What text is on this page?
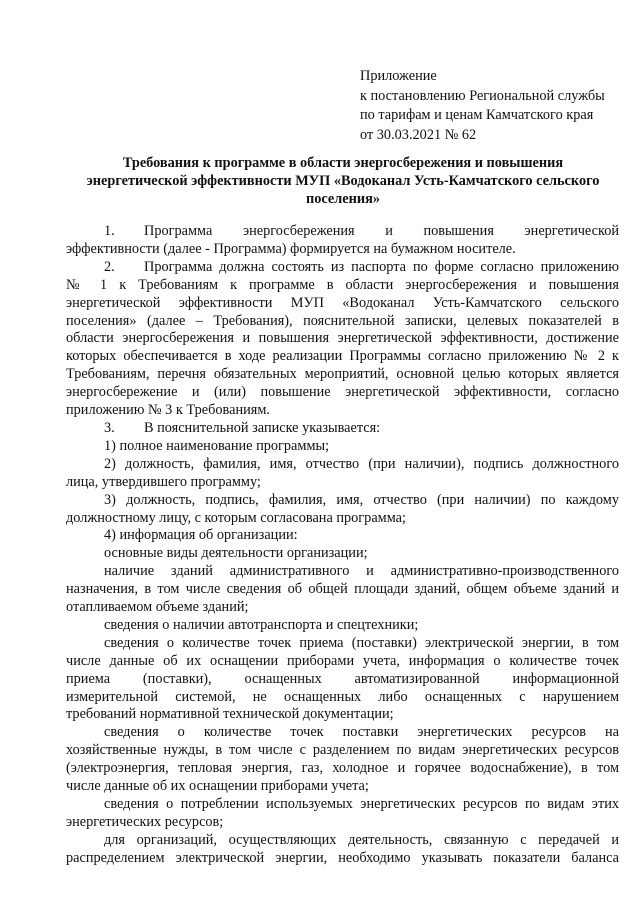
Приложение
к постановлению Региональной службы
по тарифам и ценам Камчатского края
от 30.03.2021 № 62
Требования к программе в области энергосбережения и повышения
энергетической эффективности МУП «Водоканал Усть-Камчатского сельского
поселения»
1.	Программа энергосбережения и повышения энергетической
эффективности (далее - Программа) формируется на бумажном носителе.
2.	Программа должна состоять из паспорта по форме согласно приложению
№ 1 к Требованиям к программе в области энергосбережения и повышения
энергетической эффективности МУП «Водоканал Усть-Камчатского сельского
поселения» (далее – Требования), пояснительной записки, целевых показателей в
области энергосбережения и повышения энергетической эффективности, достижение
которых обеспечивается в ходе реализации Программы согласно приложению № 2 к
Требованиям, перечня обязательных мероприятий, основной целью которых является
энергосбережение и (или) повышение энергетической эффективности, согласно
приложению № 3 к Требованиям.
3. В пояснительной записке указывается:
1) полное наименование программы;
2) должность, фамилия, имя, отчество (при наличии), подпись должностного
лица, утвердившего программу;
3) должность, подпись, фамилия, имя, отчество (при наличии) по каждому
должностному лицу, с которым согласована программа;
4) информация об организации:
основные виды деятельности организации;
наличие зданий административного и административно-производственного
назначения, в том числе сведения об общей площади зданий, общем объеме зданий и
отапливаемом объеме зданий;
сведения о наличии автотранспорта и спецтехники;
сведения о количестве точек приема (поставки) электрической энергии, в том
числе данные об их оснащении приборами учета, информация о количестве точек
приема (поставки), оснащенных автоматизированной информационной
измерительной системой, не оснащенных либо оснащенных с нарушением
требований нормативной технической документации;
сведения о количестве точек поставки энергетических ресурсов на
хозяйственные нужды, в том числе с разделением по видам энергетических ресурсов
(электроэнергия, тепловая энергия, газ, холодное и горячее водоснабжение), в том
числе данные об их оснащении приборами учета;
сведения о потреблении используемых энергетических ресурсов по видам этих
энергетических ресурсов;
для организаций, осуществляющих деятельность, связанную с передачей и
распределением электрической энергии, необходимо указывать показатели баланса
